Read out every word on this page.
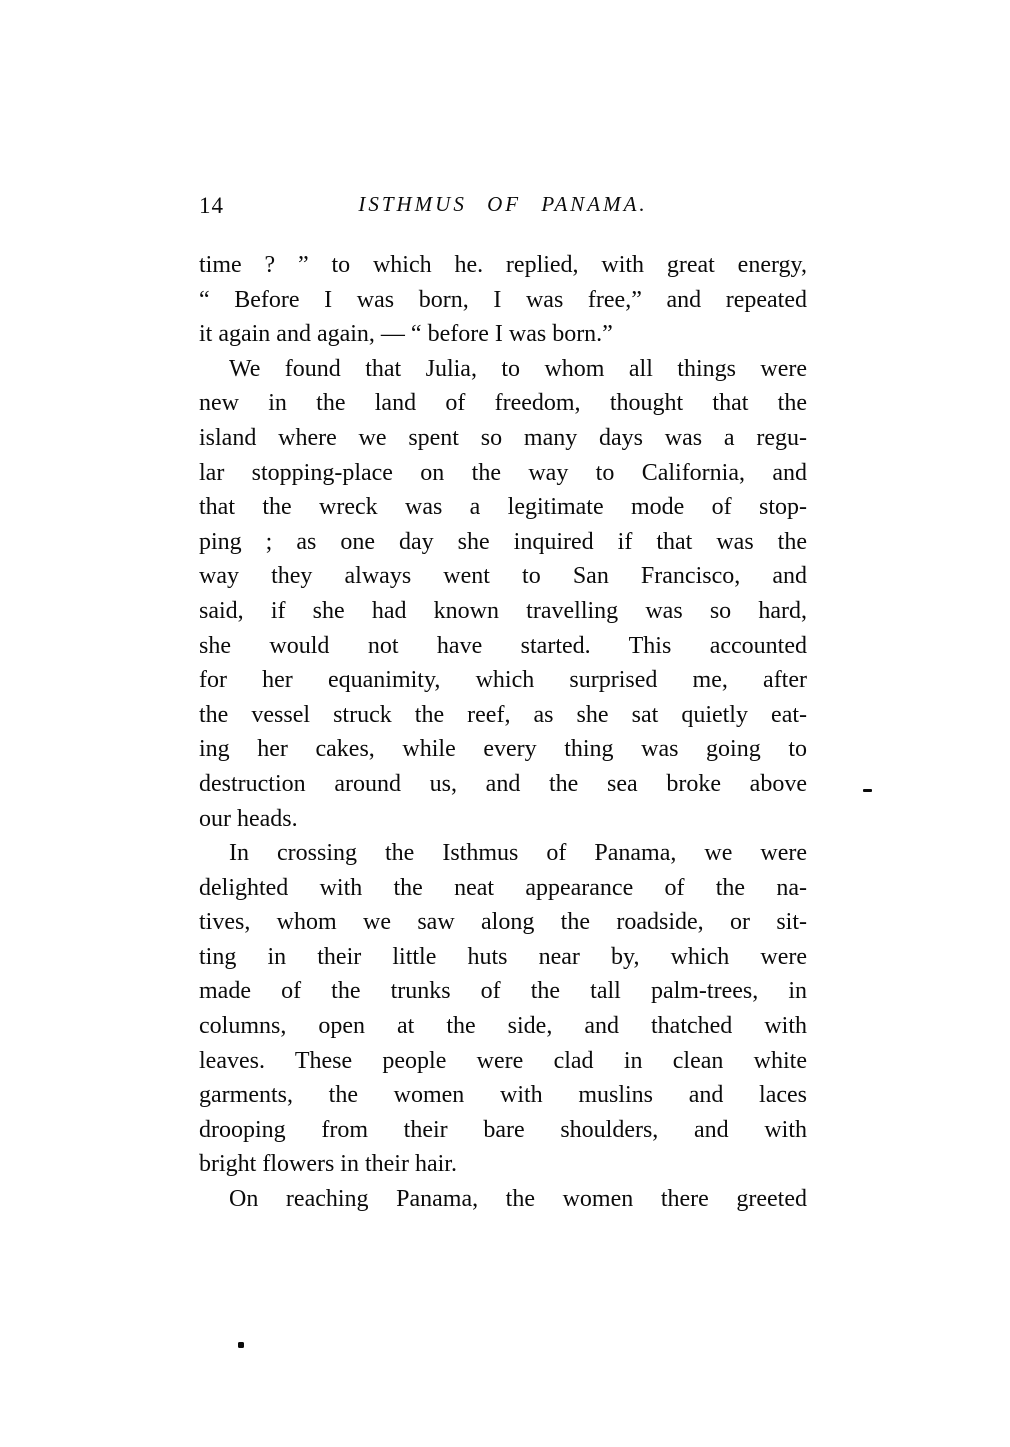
14	ISTHMUS OF PANAMA.
time ? ” to which he. replied, with great energy,
“ Before I was born, I was free,” and repeated
it again and again, — “ before I was born.”
We found that Julia, to whom all things were
new in the land of freedom, thought that the
island where we spent so many days was a regu-
lar stopping-place on the way to California, and
that the wreck was a legitimate mode of stop-
ping ; as one day she inquired if that was the
way they always went to San Francisco, and
said, if she had known travelling was so hard,
she would not have started. This accounted
for her equanimity, which surprised me, after
the vessel struck the reef, as she sat quietly eat-
ing her cakes, while every thing was going to
destruction around us, and the sea broke above
our heads.
In crossing the Isthmus of Panama, we were
delighted with the neat appearance of the na-
tives, whom we saw along the roadside, or sit-
ting in their little huts near by, which were
made of the trunks of the tall palm-trees, in
columns, open at the side, and thatched with
leaves. These people were clad in clean white
garments, the women with muslins and laces
drooping from their bare shoulders, and with
bright flowers in their hair.
On reaching Panama, the women there greeted
